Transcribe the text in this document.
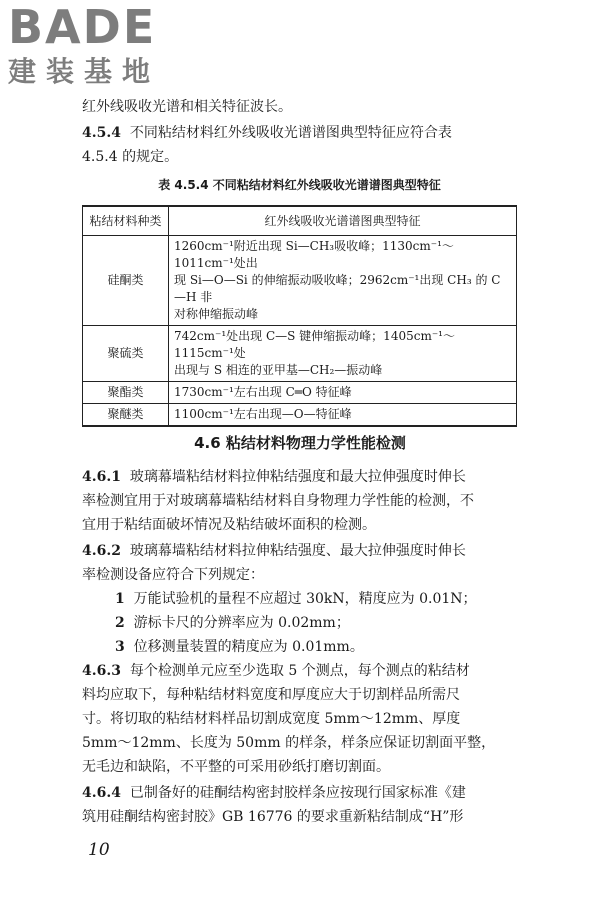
BADE
建装基地
红外线吸收光谱和相关特征波长。
4.5.4 不同粘结材料红外线吸收光谱谱图典型特征应符合表
4.5.4 的规定。
表 4.5.4 不同粘结材料红外线吸收光谱谱图典型特征
粘结材料种类	红外线吸收光谱谱图典型特征
硅酮类	1260cm⁻¹附近出现 Si—CH₃吸收峰；1130cm⁻¹～1011cm⁻¹处出
现 Si—O—Si 的伸缩振动吸收峰；2962cm⁻¹出现 CH₃ 的 C—H 非
对称伸缩振动峰

聚硫类	742cm⁻¹处出现 C—S 键伸缩振动峰；1405cm⁻¹～1115cm⁻¹处
出现与 S 相连的亚甲基—CH₂—振动峰

聚酯类	1730cm⁻¹左右出现 C═O 特征峰

聚醚类	1100cm⁻¹左右出现—O—特征峰
4.6 粘结材料物理力学性能检测
4.6.1 玻璃幕墙粘结材料拉伸粘结强度和最大拉伸强度时伸长
率检测宜用于对玻璃幕墙粘结材料自身物理力学性能的检测，不
宜用于粘结面破坏情况及粘结破坏面积的检测。
4.6.2 玻璃幕墙粘结材料拉伸粘结强度、最大拉伸强度时伸长
率检测设备应符合下列规定：
1 万能试验机的量程不应超过 30kN，精度应为 0.01N；
2 游标卡尺的分辨率应为 0.02mm；
3 位移测量装置的精度应为 0.01mm。
4.6.3 每个检测单元应至少选取 5 个测点，每个测点的粘结材
料均应取下，每种粘结材料宽度和厚度应大于切割样品所需尺
寸。将切取的粘结材料样品切割成宽度 5mm～12mm、厚度
5mm～12mm、长度为 50mm 的样条，样条应保证切割面平整，
无毛边和缺陷，不平整的可采用砂纸打磨切割面。
4.6.4 已制备好的硅酮结构密封胶样条应按现行国家标准《建
筑用硅酮结构密封胶》GB 16776 的要求重新粘结制成“H”形
10
